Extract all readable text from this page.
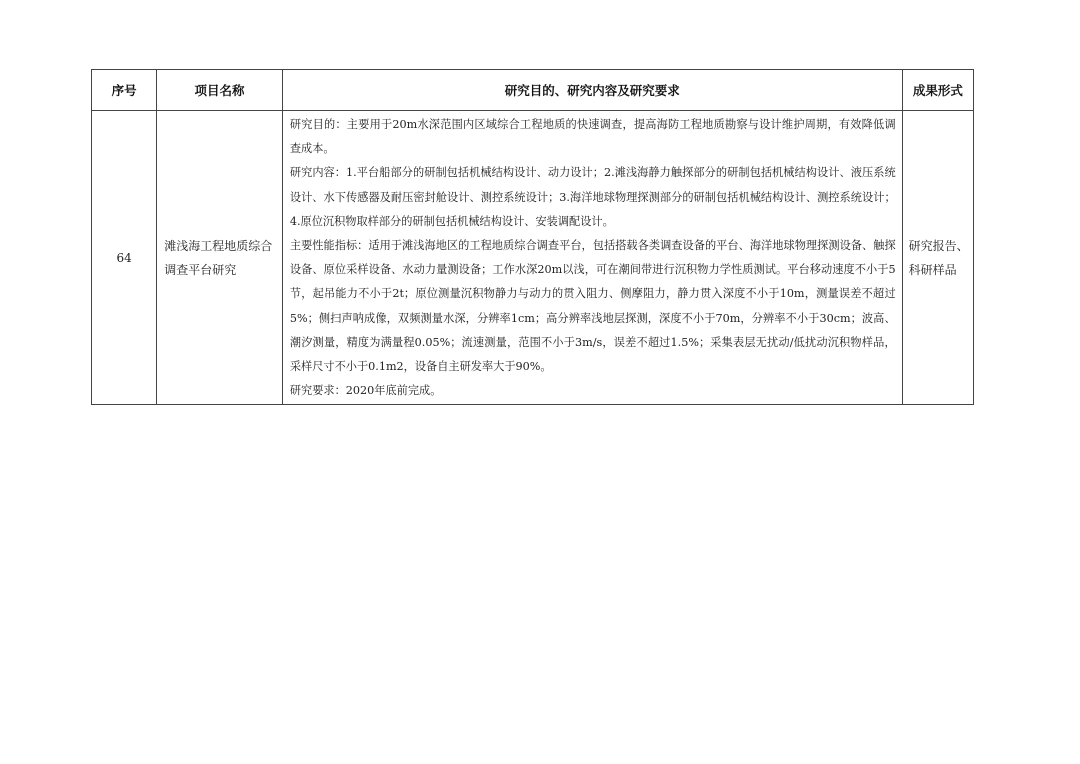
序号	项目名称	研究目的、研究内容及研究要求	成果形式
64	滩浅海工程地质综合调查平台研究	研究目的：主要用于20m水深范围内区域综合工程地质的快速调查，提高海防工程地质勘察与设计维护周期，有效降低调查成本。

研究内容：1.平台船部分的研制包括机械结构设计、动力设计；2.滩浅海静力触探部分的研制包括机械结构设计、液压系统设计、水下传感器及耐压密封舱设计、测控系统设计；3.海洋地球物理探测部分的研制包括机械结构设计、测控系统设计；4.原位沉积物取样部分的研制包括机械结构设计、安装调配设计。

主要性能指标：适用于滩浅海地区的工程地质综合调查平台，包括搭载各类调查设备的平台、海洋地球物理探测设备、触探设备、原位采样设备、水动力量测设备；工作水深20m以浅，可在潮间带进行沉积物力学性质测试。平台移动速度不小于5节，起吊能力不小于2t；原位测量沉积物静力与动力的贯入阻力、侧摩阻力，静力贯入深度不小于10m，测量误差不超过5%；侧扫声呐成像，双频测量水深，分辨率1cm；高分辨率浅地层探测，深度不小于70m，分辨率不小于30cm；波高、潮汐测量，精度为满量程0.05%；流速测量，范围不小于3m/s，误差不超过1.5%；采集表层无扰动/低扰动沉积物样品，采样尺寸不小于0.1m2，设备自主研发率大于90%。

研究要求：2020年底前完成。	研究报告、科研样品
